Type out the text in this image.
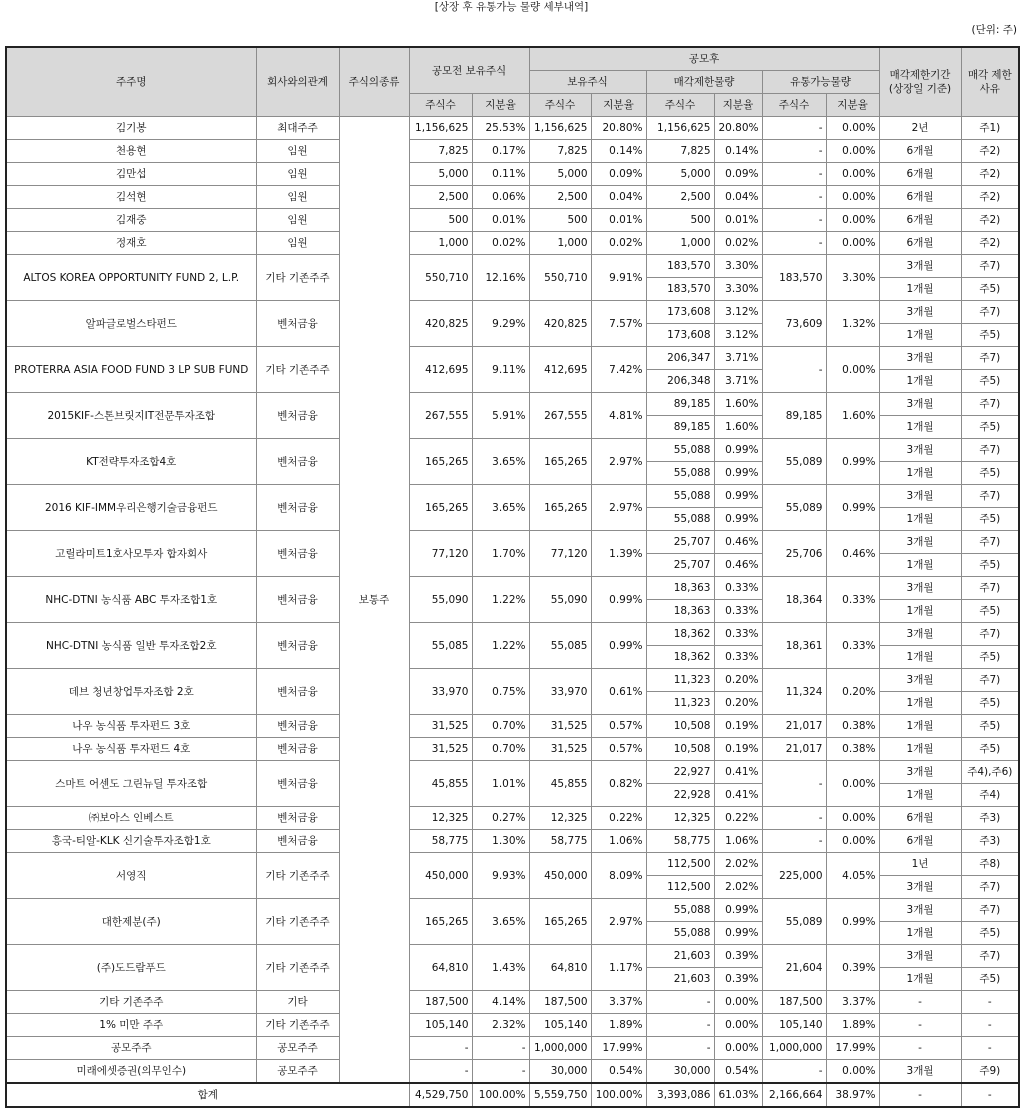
[상장 후 유통가능 물량 세부내역]
(단위: 주)
주주명	회사와의관계	주식의종류	공모전 보유주식		공모후						매각제한기간 (상장일 기준)	매각 제한 사유
					보유주식		매각제한물량		유통가능물량			
			주식수	지분율	주식수	지분율	주식수	지분율	주식수	지분율		
김기봉	최대주주	보통주	1,156,625	25.53%	1,156,625	20.80%	1,156,625	20.80%	-	0.00%	2년	주1)
천용현	임원		7,825	0.17%	7,825	0.14%	7,825	0.14%	-	0.00%	6개월	주2)
김만섭	임원		5,000	0.11%	5,000	0.09%	5,000	0.09%	-	0.00%	6개월	주2)
김석현	임원		2,500	0.06%	2,500	0.04%	2,500	0.04%	-	0.00%	6개월	주2)
김재중	임원		500	0.01%	500	0.01%	500	0.01%	-	0.00%	6개월	주2)
정재호	임원		1,000	0.02%	1,000	0.02%	1,000	0.02%	-	0.00%	6개월	주2)
ALTOS KOREA OPPORTUNITY FUND 2, L.P.	기타 기존주주		550,710	12.16%	550,710	9.91%	183,570	3.30%	183,570	3.30%	3개월	주7)
							183,570	3.30%			1개월	주5)
알파글로벌스타펀드	벤처금융		420,825	9.29%	420,825	7.57%	173,608	3.12%	73,609	1.32%	3개월	주7)
							173,608	3.12%			1개월	주5)
PROTERRA ASIA FOOD FUND 3 LP SUB FUND	기타 기존주주		412,695	9.11%	412,695	7.42%	206,347	3.71%	-	0.00%	3개월	주7)
							206,348	3.71%			1개월	주5)
2015KIF-스톤브릿지IT전문투자조합	벤처금융		267,555	5.91%	267,555	4.81%	89,185	1.60%	89,185	1.60%	3개월	주7)
							89,185	1.60%			1개월	주5)
KT전략투자조합4호	벤처금융		165,265	3.65%	165,265	2.97%	55,088	0.99%	55,089	0.99%	3개월	주7)
							55,088	0.99%			1개월	주5)
2016 KIF-IMM우리은행기술금융펀드	벤처금융		165,265	3.65%	165,265	2.97%	55,088	0.99%	55,089	0.99%	3개월	주7)
							55,088	0.99%			1개월	주5)
고릴라미트1호사모투자 합자회사	벤처금융		77,120	1.70%	77,120	1.39%	25,707	0.46%	25,706	0.46%	3개월	주7)
							25,707	0.46%			1개월	주5)
NHC-DTNI 농식품 ABC 투자조합1호	벤처금융		55,090	1.22%	55,090	0.99%	18,363	0.33%	18,364	0.33%	3개월	주7)
							18,363	0.33%			1개월	주5)
NHC-DTNI 농식품 일반 투자조합2호	벤처금융		55,085	1.22%	55,085	0.99%	18,362	0.33%	18,361	0.33%	3개월	주7)
							18,362	0.33%			1개월	주5)
데브 청년창업투자조합 2호	벤처금융		33,970	0.75%	33,970	0.61%	11,323	0.20%	11,324	0.20%	3개월	주7)
							11,323	0.20%			1개월	주5)
나우 농식품 투자펀드 3호	벤처금융		31,525	0.70%	31,525	0.57%	10,508	0.19%	21,017	0.38%	1개월	주5)
나우 농식품 투자펀드 4호	벤처금융		31,525	0.70%	31,525	0.57%	10,508	0.19%	21,017	0.38%	1개월	주5)
스마트 어센도 그린뉴딜 투자조합	벤처금융		45,855	1.01%	45,855	0.82%	22,927	0.41%	-	0.00%	3개월	주4),주6)
							22,928	0.41%			1개월	주4)
㈜보아스 인베스트	벤처금융		12,325	0.27%	12,325	0.22%	12,325	0.22%	-	0.00%	6개월	주3)
흥국-티알-KLK 신기술투자조합1호	벤처금융		58,775	1.30%	58,775	1.06%	58,775	1.06%	-	0.00%	6개월	주3)
서영직	기타 기존주주		450,000	9.93%	450,000	8.09%	112,500	2.02%	225,000	4.05%	1년	주8)
							112,500	2.02%			3개월	주7)
대한제분(주)	기타 기존주주		165,265	3.65%	165,265	2.97%	55,088	0.99%	55,089	0.99%	3개월	주7)
							55,088	0.99%			1개월	주5)
(주)도드람푸드	기타 기존주주		64,810	1.43%	64,810	1.17%	21,603	0.39%	21,604	0.39%	3개월	주7)
							21,603	0.39%			1개월	주5)
기타 기존주주	기타		187,500	4.14%	187,500	3.37%	-	0.00%	187,500	3.37%	-	-
1% 미만 주주	기타 기존주주		105,140	2.32%	105,140	1.89%	-	0.00%	105,140	1.89%	-	-
공모주주	공모주주		-	-	1,000,000	17.99%	-	0.00%	1,000,000	17.99%	-	-
미래에셋증권(의무인수)	공모주주		-	-	30,000	0.54%	30,000	0.54%	-	0.00%	3개월	주9)
합계			4,529,750	100.00%	5,559,750	100.00%	3,393,086	61.03%	2,166,664	38.97%	-	-
